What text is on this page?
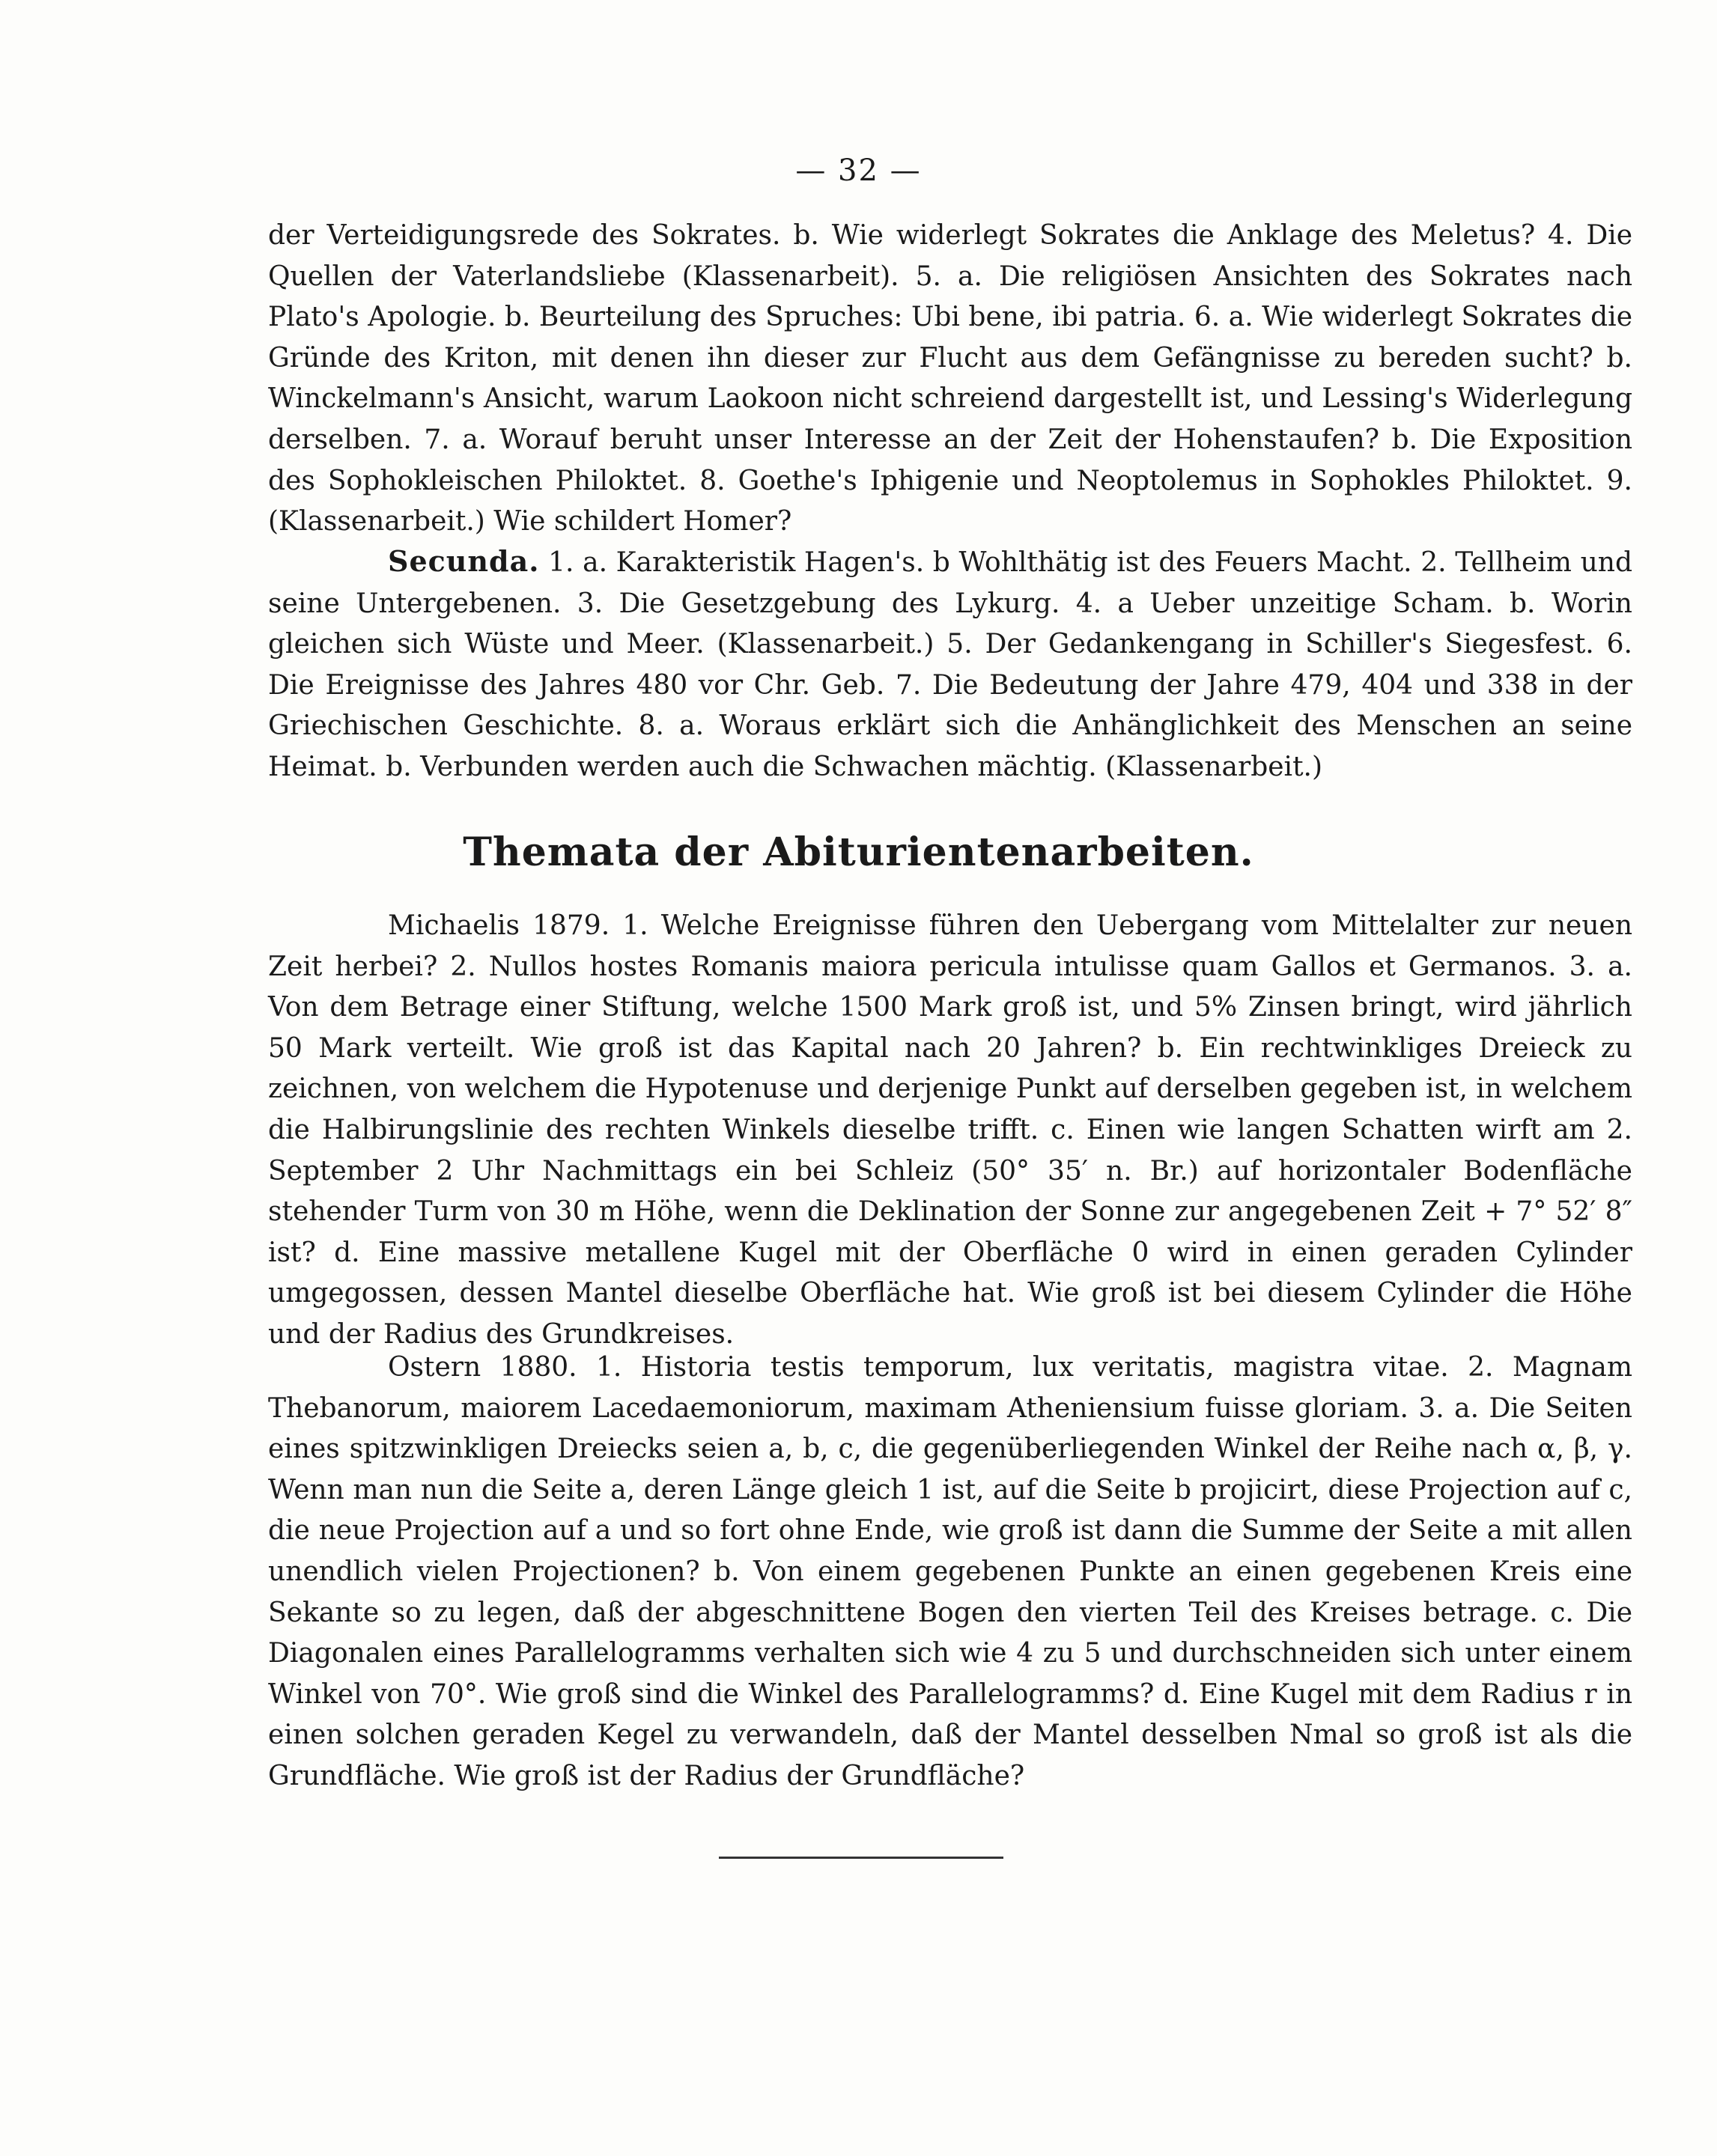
— 32 —

der Verteidigungsrede des Sokrates. b. Wie widerlegt Sokrates die Anklage des Meletus? 4. Die Quellen der Vaterlandsliebe (Klassenarbeit). 5. a. Die religiösen Ansichten des Sokrates nach Plato's Apologie. b. Beurteilung des Spruches: Ubi bene, ibi patria. 6. a. Wie widerlegt Sokrates die Gründe des Kriton, mit denen ihn dieser zur Flucht aus dem Gefängnisse zu bereden sucht? b. Winckelmann's Ansicht, warum Laokoon nicht schreiend dargestellt ist, und Lessing's Widerlegung derselben. 7. a. Worauf beruht unser Interesse an der Zeit der Hohenstaufen? b. Die Exposition des Sophokleischen Philoktet. 8. Goethe's Iphigenie und Neoptolemus in Sophokles Philoktet. 9. (Klassenarbeit.) Wie schildert Homer?

Secunda. 1. a. Karakteristik Hagen's. b Wohlthätig ist des Feuers Macht. 2. Tellheim und seine Untergebenen. 3. Die Gesetzgebung des Lykurg. 4. a Ueber unzeitige Scham. b. Worin gleichen sich Wüste und Meer. (Klassenarbeit.) 5. Der Gedankengang in Schiller's Siegesfest. 6. Die Ereignisse des Jahres 480 vor Chr. Geb. 7. Die Bedeutung der Jahre 479, 404 und 338 in der Griechischen Geschichte. 8. a. Woraus erklärt sich die Anhänglichkeit des Menschen an seine Heimat. b. Verbunden werden auch die Schwachen mächtig. (Klassenarbeit.)

Themata der Abiturientenarbeiten.

Michaelis 1879. 1. Welche Ereignisse führen den Uebergang vom Mittelalter zur neuen Zeit herbei? 2. Nullos hostes Romanis maiora pericula intulisse quam Gallos et Germanos. 3. a. Von dem Betrage einer Stiftung, welche 1500 Mark groß ist, und 5% Zinsen bringt, wird jährlich 50 Mark verteilt. Wie groß ist das Kapital nach 20 Jahren? b. Ein rechtwinkliges Dreieck zu zeichnen, von welchem die Hypotenuse und derjenige Punkt auf derselben gegeben ist, in welchem die Halbirungslinie des rechten Winkels dieselbe trifft. c. Einen wie langen Schatten wirft am 2. September 2 Uhr Nachmittags ein bei Schleiz (50° 35′ n. Br.) auf horizontaler Bodenfläche stehender Turm von 30 m Höhe, wenn die Deklination der Sonne zur angegebenen Zeit + 7° 52′ 8″ ist? d. Eine massive metallene Kugel mit der Oberfläche 0 wird in einen geraden Cylinder umgegossen, dessen Mantel dieselbe Oberfläche hat. Wie groß ist bei diesem Cylinder die Höhe und der Radius des Grundkreises.

Ostern 1880. 1. Historia testis temporum, lux veritatis, magistra vitae. 2. Magnam Thebanorum, maiorem Lacedaemoniorum, maximam Atheniensium fuisse gloriam. 3. a. Die Seiten eines spitzwinkligen Dreiecks seien a, b, c, die gegenüberliegenden Winkel der Reihe nach α, β, γ. Wenn man nun die Seite a, deren Länge gleich 1 ist, auf die Seite b projicirt, diese Projection auf c, die neue Projection auf a und so fort ohne Ende, wie groß ist dann die Summe der Seite a mit allen unendlich vielen Projectionen? b. Von einem gegebenen Punkte an einen gegebenen Kreis eine Sekante so zu legen, daß der abgeschnittene Bogen den vierten Teil des Kreises betrage. c. Die Diagonalen eines Parallelogramms verhalten sich wie 4 zu 5 und durchschneiden sich unter einem Winkel von 70°. Wie groß sind die Winkel des Parallelogramms? d. Eine Kugel mit dem Radius r in einen solchen geraden Kegel zu verwandeln, daß der Mantel desselben Nmal so groß ist als die Grundfläche. Wie groß ist der Radius der Grundfläche?
